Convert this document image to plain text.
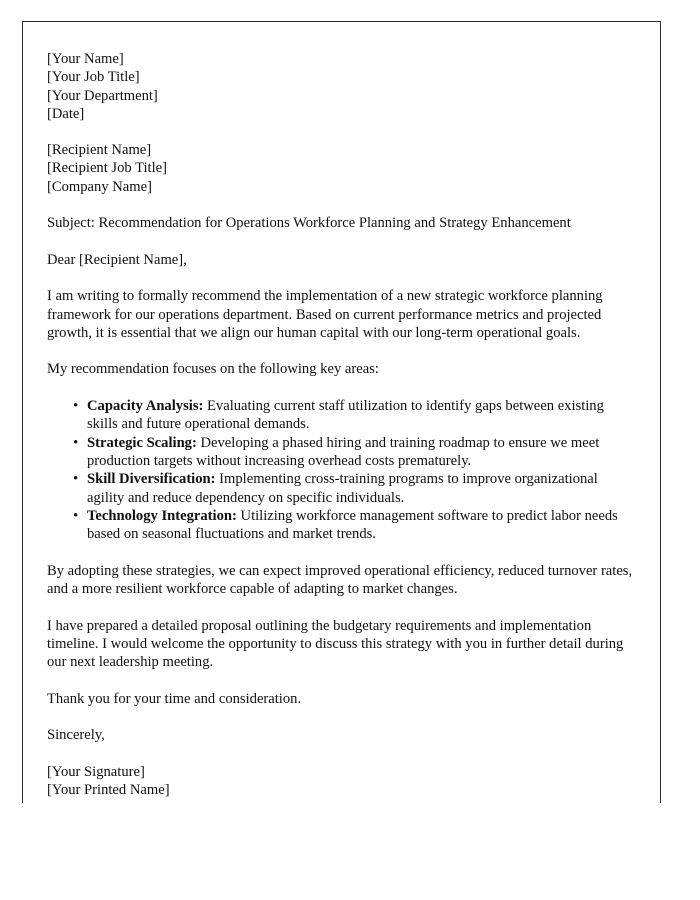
[Your Name]
[Your Job Title]
[Your Department]
[Date]
[Recipient Name]
[Recipient Job Title]
[Company Name]

Subject: Recommendation for Operations Workforce Planning and Strategy Enhancement

Dear [Recipient Name],

I am writing to formally recommend the implementation of a new strategic workforce planning framework for our operations department. Based on current performance metrics and projected growth, it is essential that we align our human capital with our long-term operational goals.

My recommendation focuses on the following key areas:

• Capacity Analysis: Evaluating current staff utilization to identify gaps between existing skills and future operational demands.
• Strategic Scaling: Developing a phased hiring and training roadmap to ensure we meet production targets without increasing overhead costs prematurely.
• Skill Diversification: Implementing cross-training programs to improve organizational agility and reduce dependency on specific individuals.
• Technology Integration: Utilizing workforce management software to predict labor needs based on seasonal fluctuations and market trends.

By adopting these strategies, we can expect improved operational efficiency, reduced turnover rates, and a more resilient workforce capable of adapting to market changes.

I have prepared a detailed proposal outlining the budgetary requirements and implementation timeline. I would welcome the opportunity to discuss this strategy with you in further detail during our next leadership meeting.

Thank you for your time and consideration.

Sincerely,

[Your Signature]
[Your Printed Name]
